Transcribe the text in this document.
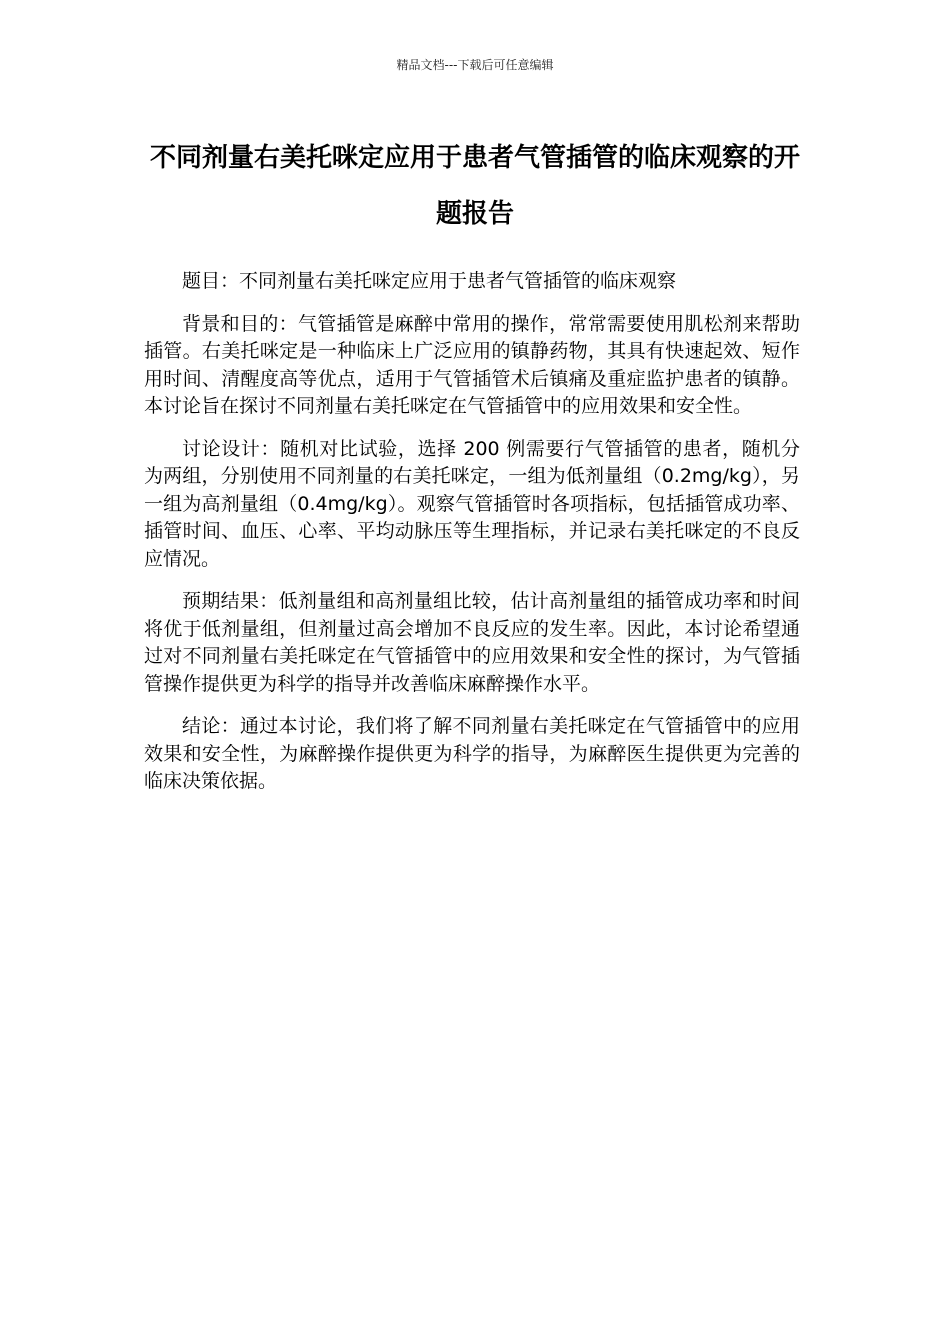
精品文档---下载后可任意编辑
不同剂量右美托咪定应用于患者气管插管的临床观察的开题报告

题目：不同剂量右美托咪定应用于患者气管插管的临床观察

背景和目的：气管插管是麻醉中常用的操作，常常需要使用肌松剂来帮助插管。右美托咪定是一种临床上广泛应用的镇静药物，其具有快速起效、短作用时间、清醒度高等优点，适用于气管插管术后镇痛及重症监护患者的镇静。本讨论旨在探讨不同剂量右美托咪定在气管插管中的应用效果和安全性。

讨论设计：随机对比试验，选择 200 例需要行气管插管的患者，随机分为两组，分别使用不同剂量的右美托咪定，一组为低剂量组（0.2mg/kg），另一组为高剂量组（0.4mg/kg）。观察气管插管时各项指标，包括插管成功率、插管时间、血压、心率、平均动脉压等生理指标，并记录右美托咪定的不良反应情况。

预期结果：低剂量组和高剂量组比较，估计高剂量组的插管成功率和时间将优于低剂量组，但剂量过高会增加不良反应的发生率。因此，本讨论希望通过对不同剂量右美托咪定在气管插管中的应用效果和安全性的探讨，为气管插管操作提供更为科学的指导并改善临床麻醉操作水平。

结论：通过本讨论，我们将了解不同剂量右美托咪定在气管插管中的应用效果和安全性，为麻醉操作提供更为科学的指导，为麻醉医生提供更为完善的临床决策依据。
